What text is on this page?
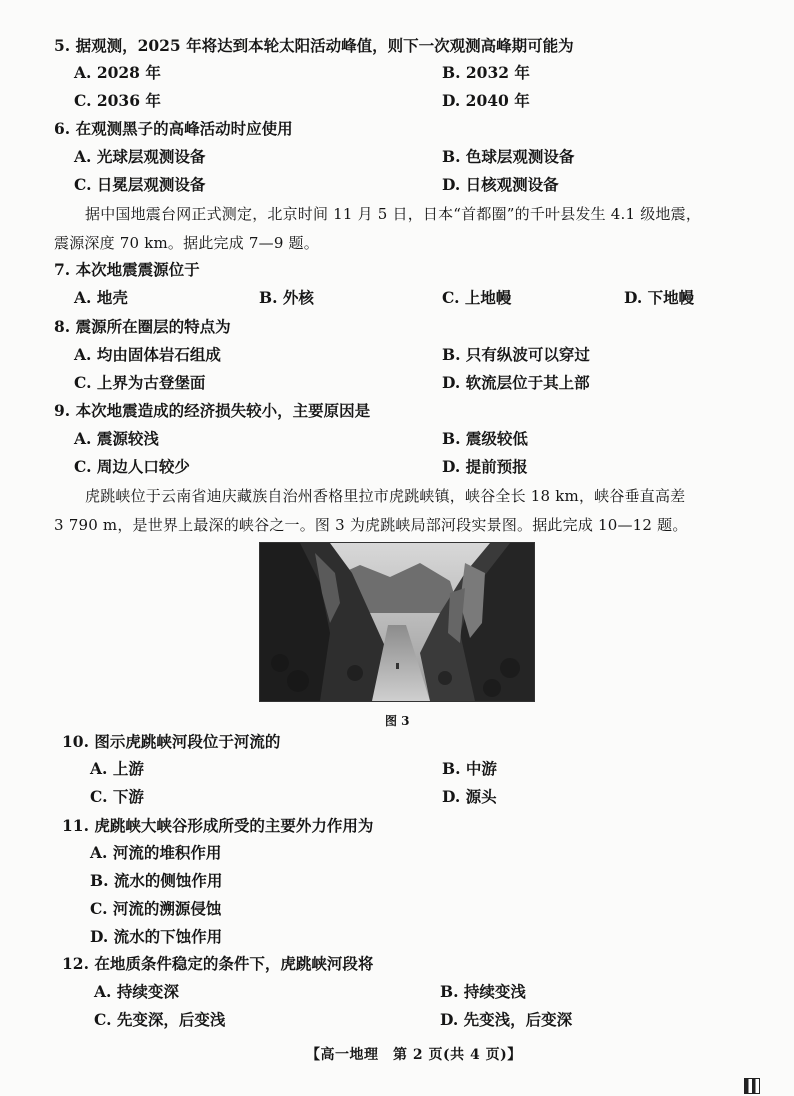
5. 据观测，2025 年将达到本轮太阳活动峰值，则下一次观测高峰期可能为
A. 2028 年	B. 2032 年
C. 2036 年	D. 2040 年
6. 在观测黑子的高峰活动时应使用
A. 光球层观测设备	B. 色球层观测设备
C. 日冕层观测设备	D. 日核观测设备
据中国地震台网正式测定，北京时间 11 月 5 日，日本“首都圈”的千叶县发生 4.1 级地震，
震源深度 70 km。据此完成 7—9 题。
7. 本次地震震源位于
A. 地壳	B. 外核	C. 上地幔	D. 下地幔
8. 震源所在圈层的特点为
A. 均由固体岩石组成	B. 只有纵波可以穿过
C. 上界为古登堡面	D. 软流层位于其上部
9. 本次地震造成的经济损失较小，主要原因是
A. 震源较浅	B. 震级较低
C. 周边人口较少	D. 提前预报
虎跳峡位于云南省迪庆藏族自治州香格里拉市虎跳峡镇，峡谷全长 18 km，峡谷垂直高差
3 790 m，是世界上最深的峡谷之一。图 3 为虎跳峡局部河段实景图。据此完成 10—12 题。
图 3
10. 图示虎跳峡河段位于河流的
A. 上游	B. 中游
C. 下游	D. 源头
11. 虎跳峡大峡谷形成所受的主要外力作用为
A. 河流的堆积作用
B. 流水的侧蚀作用
C. 河流的溯源侵蚀
D. 流水的下蚀作用
12. 在地质条件稳定的条件下，虎跳峡河段将
A. 持续变深	B. 持续变浅
C. 先变深，后变浅	D. 先变浅，后变深
【高一地理　第 2 页(共 4 页)】
